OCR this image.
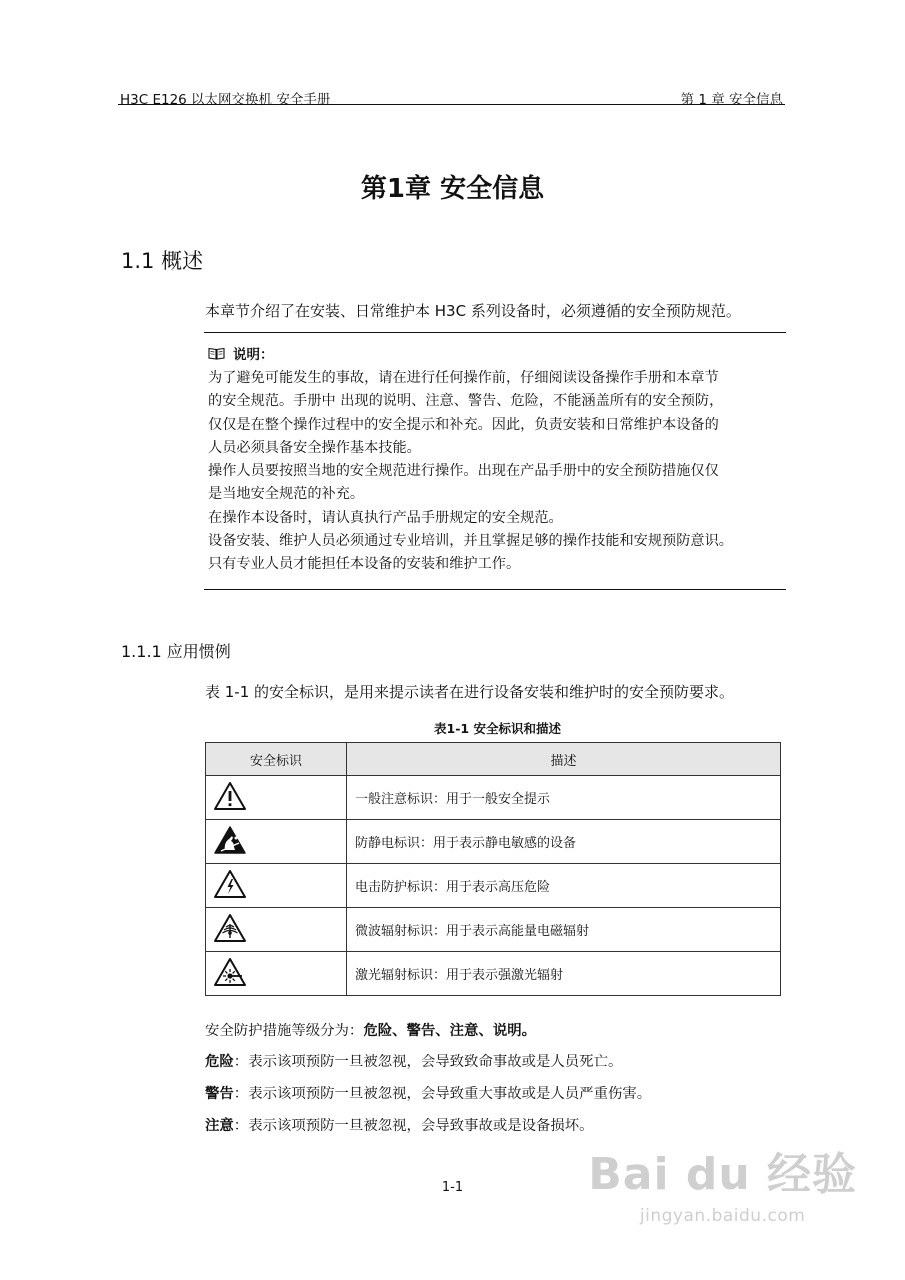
H3C E126 以太网交换机 安全手册	第 1 章 安全信息
第1章 安全信息
1.1 概述
本章节介绍了在安装、日常维护本 H3C 系列设备时，必须遵循的安全预防规范。
说明：
为了避免可能发生的事故，请在进行任何操作前，仔细阅读设备操作手册和本章节
的安全规范。手册中 出现的说明、注意、警告、危险，不能涵盖所有的安全预防，
仅仅是在整个操作过程中的安全提示和补充。因此，负责安装和日常维护本设备的
人员必须具备安全操作基本技能。
操作人员要按照当地的安全规范进行操作。出现在产品手册中的安全预防措施仅仅
是当地安全规范的补充。
在操作本设备时，请认真执行产品手册规定的安全规范。
设备安装、维护人员必须通过专业培训，并且掌握足够的操作技能和安规预防意识。
只有专业人员才能担任本设备的安装和维护工作。
1.1.1 应用惯例
表 1-1 的安全标识，是用来提示读者在进行设备安装和维护时的安全预防要求。
表1-1 安全标识和描述
安全标识	描述
	一般注意标识：用于一般安全提示
	防静电标识：用于表示静电敏感的设备
	电击防护标识：用于表示高压危险
	微波辐射标识：用于表示高能量电磁辐射
	激光辐射标识：用于表示强激光辐射
安全防护措施等级分为：危险、警告、注意、说明。
危险：表示该项预防一旦被忽视，会导致致命事故或是人员死亡。
警告：表示该项预防一旦被忽视，会导致重大事故或是人员严重伤害。
注意：表示该项预防一旦被忽视，会导致事故或是设备损坏。
1-1	Bai du 经验
jingyan.baidu.com
